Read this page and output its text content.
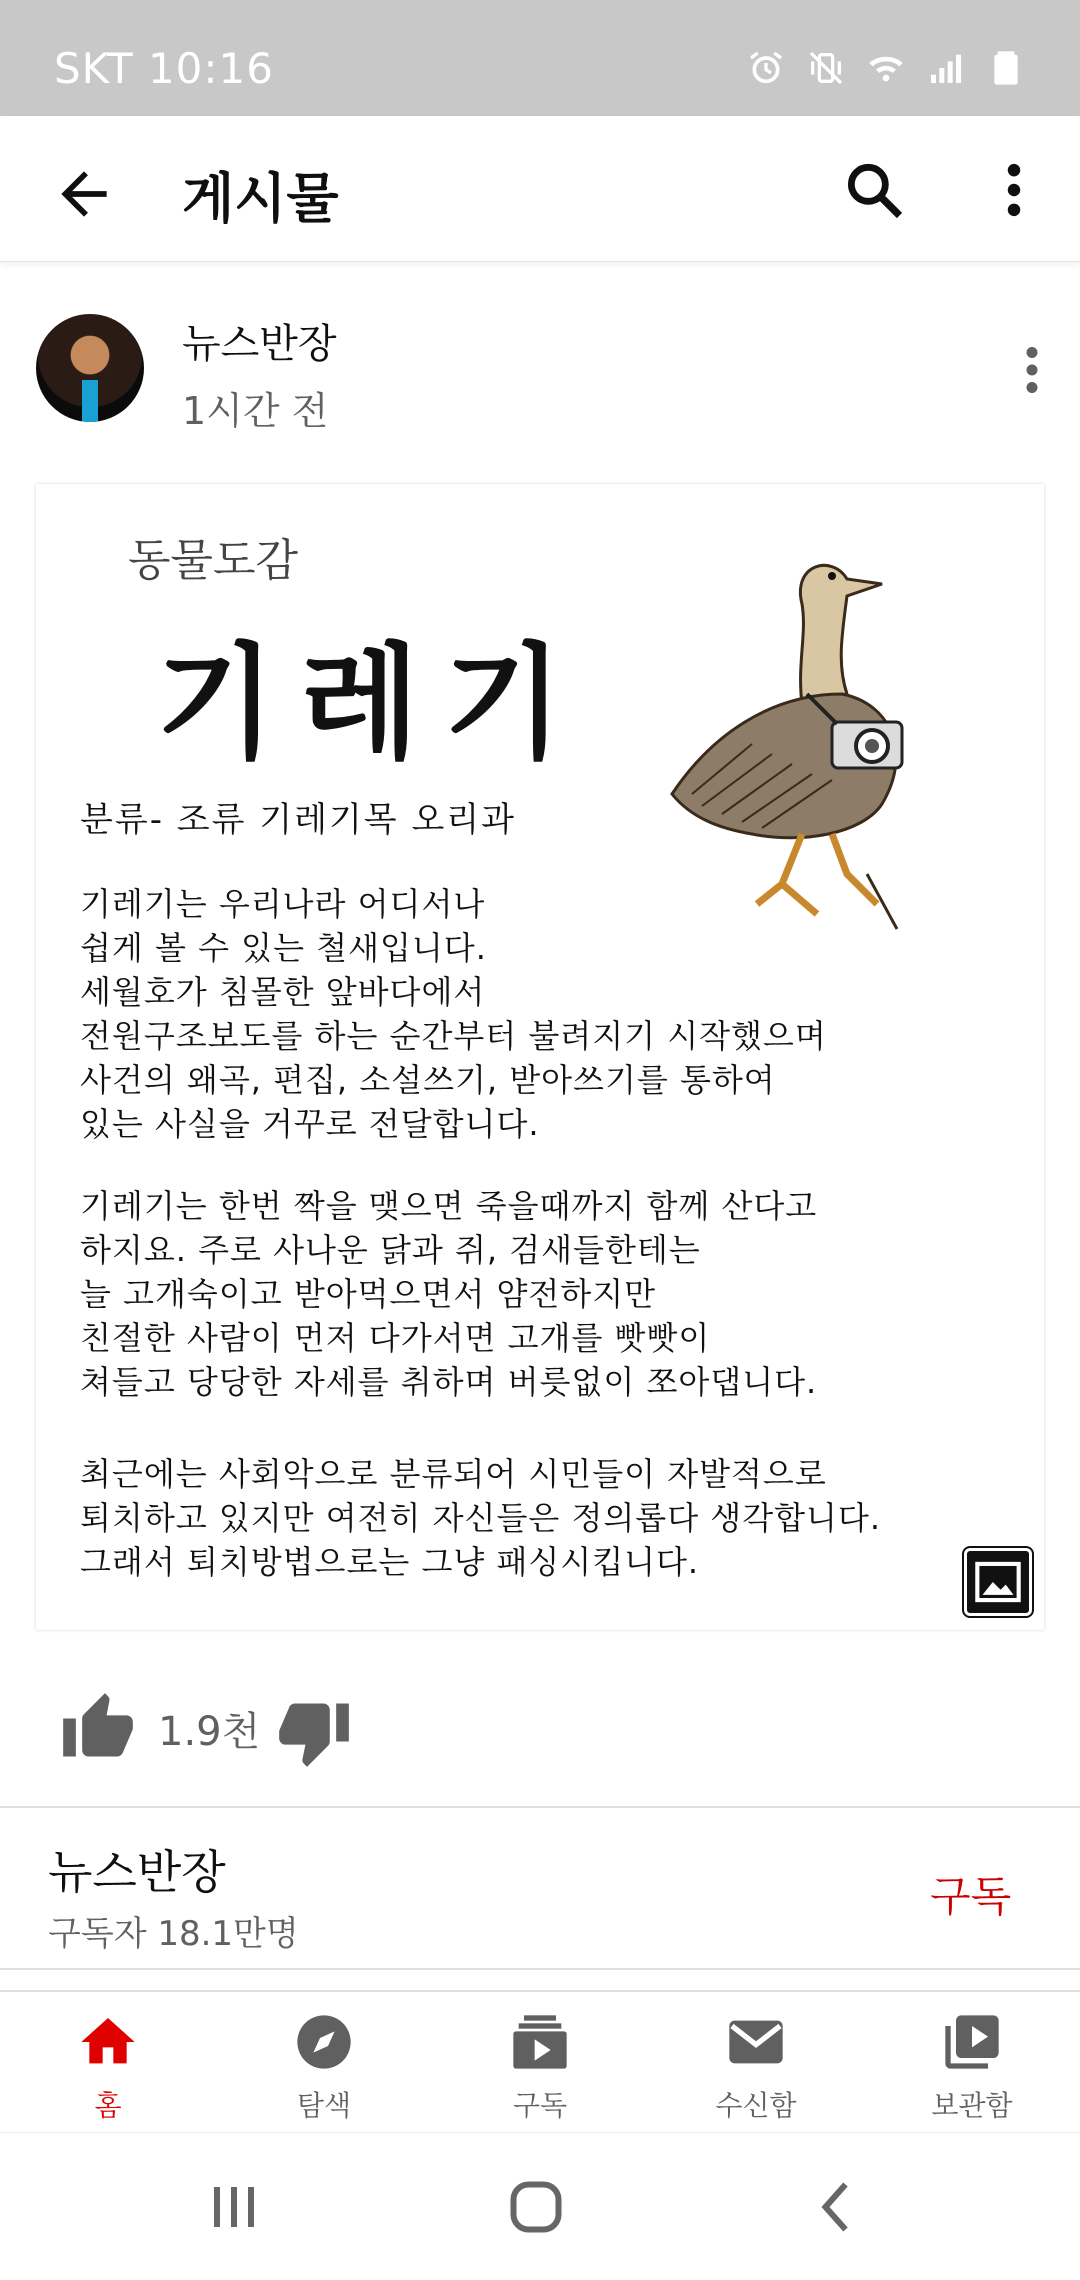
SKT 10:16
게시물
뉴스반장
1시간 전
동물도감
기레기
분류- 조류 기레기목 오리과
기레기는 우리나라 어디서나
쉽게 볼 수 있는 철새입니다.
세월호가 침몰한 앞바다에서
전원구조보도를 하는 순간부터 불려지기 시작했으며
사건의 왜곡, 편집, 소설쓰기, 받아쓰기를 통하여
있는 사실을 거꾸로 전달합니다.
기레기는 한번 짝을 맺으면 죽을때까지 함께 산다고
하지요. 주로 사나운 닭과 쥐, 검새들한테는
늘 고개숙이고 받아먹으면서 얌전하지만
친절한 사람이 먼저 다가서면 고개를 빳빳이
쳐들고 당당한 자세를 취하며 버릇없이 쪼아댑니다.
최근에는 사회악으로 분류되어 시민들이 자발적으로
퇴치하고 있지만 여전히 자신들은 정의롭다 생각합니다.
그래서 퇴치방법으로는 그냥 패싱시킵니다.
1.9천
뉴스반장
구독자 18.1만명
구독
홈	탐색	구독	수신함	보관함
